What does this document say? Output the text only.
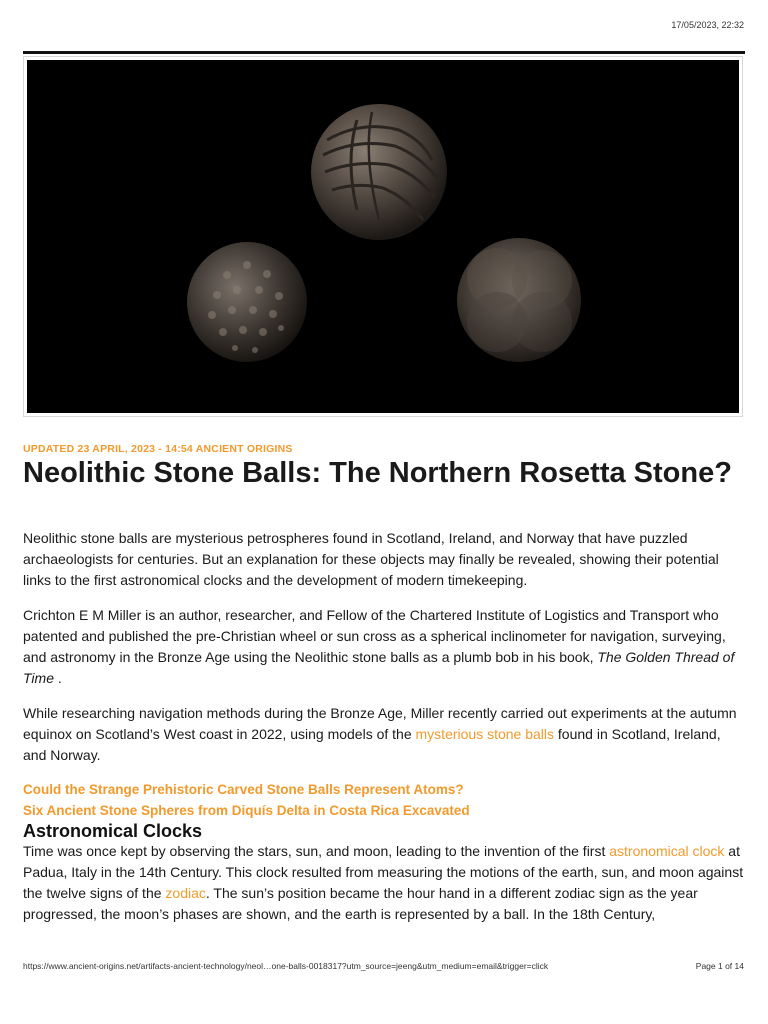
17/05/2023, 22:32
UPDATED 23 APRIL, 2023 - 14:54 ANCIENT ORIGINS
Neolithic Stone Balls: The Northern Rosetta Stone?

Neolithic stone balls are mysterious petrospheres found in Scotland, Ireland, and Norway that have puzzled archaeologists for centuries. But an explanation for these objects may finally be revealed, showing their potential links to the first astronomical clocks and the development of modern timekeeping.

Crichton E M Miller is an author, researcher, and Fellow of the Chartered Institute of Logistics and Transport who patented and published the pre-Christian wheel or sun cross as a spherical inclinometer for navigation, surveying, and astronomy in the Bronze Age using the Neolithic stone balls as a plumb bob in his book, The Golden Thread of Time .

While researching navigation methods during the Bronze Age, Miller recently carried out experiments at the autumn equinox on Scotland’s West coast in 2022, using models of the mysterious stone balls found in Scotland, Ireland, and Norway.

Could the Strange Prehistoric Carved Stone Balls Represent Atoms?
Six Ancient Stone Spheres from Diquís Delta in Costa Rica Excavated
Astronomical Clocks

Time was once kept by observing the stars, sun, and moon, leading to the invention of the first astronomical clock at Padua, Italy in the 14th Century. This clock resulted from measuring the motions of the earth, sun, and moon against the twelve signs of the zodiac. The sun’s position became the hour hand in a different zodiac sign as the year progressed, the moon’s phases are shown, and the earth is represented by a ball. In the 18th Century,

https://www.ancient-origins.net/artifacts-ancient-technology/neol…one-balls-0018317?utm_source=jeeng&utm_medium=email&trigger=click	Page 1 of 14
